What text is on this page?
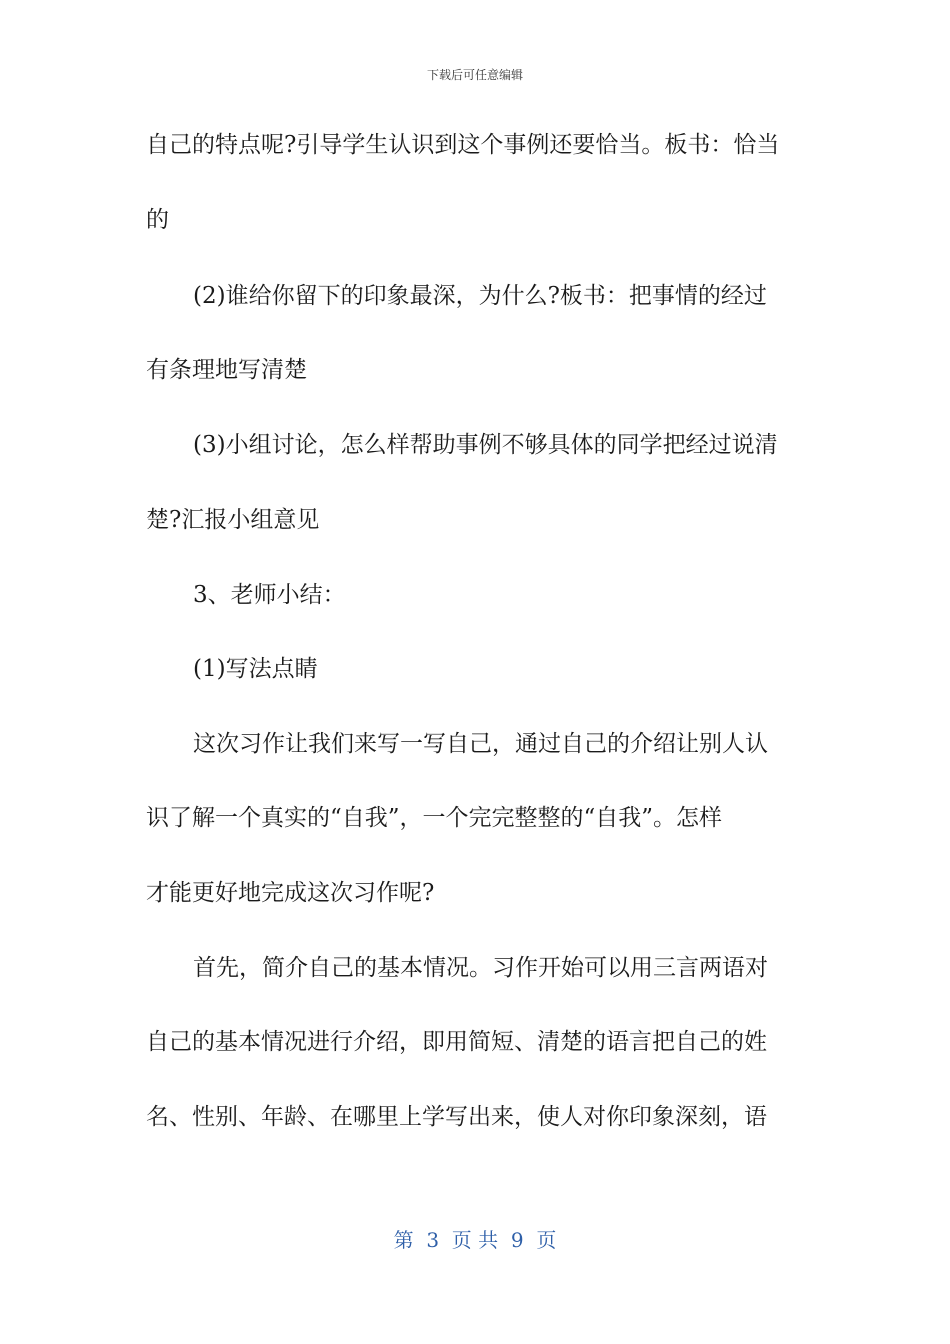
下载后可任意编辑
自己的特点呢?引导学生认识到这个事例还要恰当。板书：恰当
的
(2)谁给你留下的印象最深，为什么?板书：把事情的经过
有条理地写清楚
(3)小组讨论，怎么样帮助事例不够具体的同学把经过说清
楚?汇报小组意见
3、老师小结：
(1)写法点睛
这次习作让我们来写一写自己，通过自己的介绍让别人认
识了解一个真实的“自我”，一个完完整整的“自我”。怎样
才能更好地完成这次习作呢?
首先，简介自己的基本情况。习作开始可以用三言两语对
自己的基本情况进行介绍，即用简短、清楚的语言把自己的姓
名、性别、年龄、在哪里上学写出来，使人对你印象深刻，语
第  3  页 共  9  页
